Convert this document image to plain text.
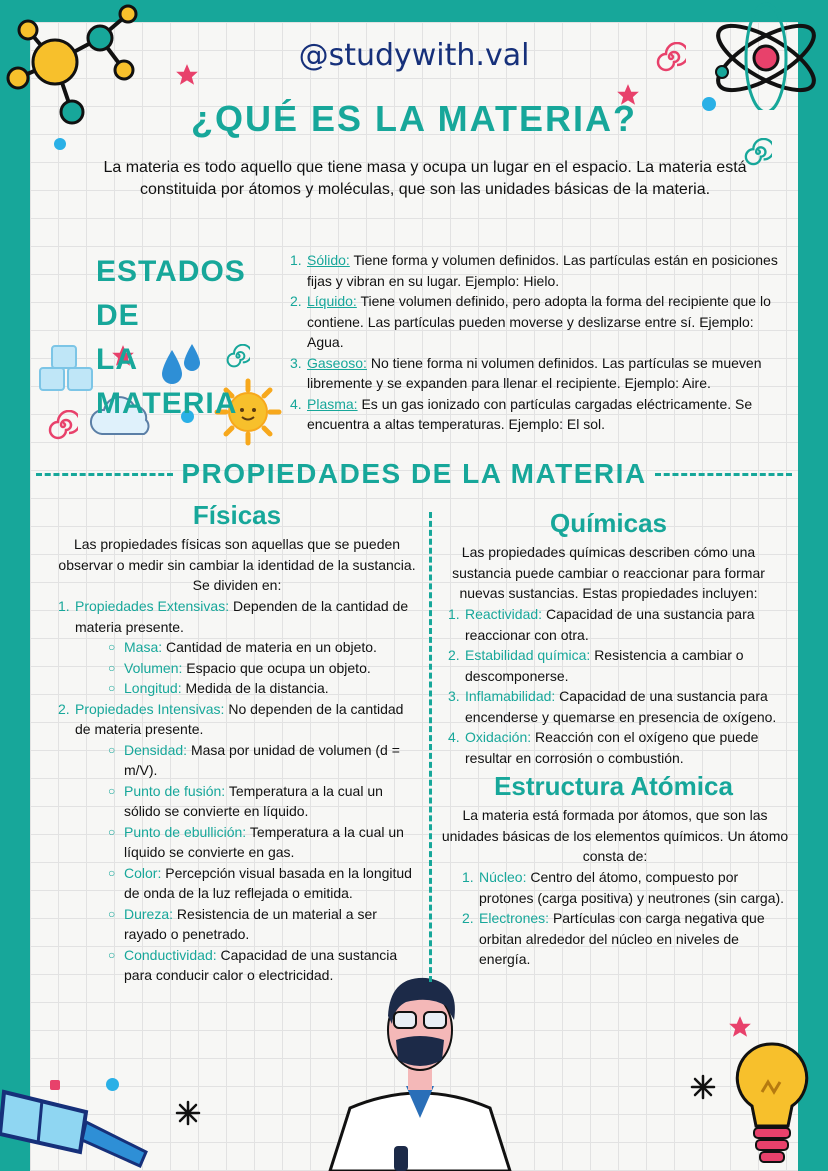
@studywith.val
¿QUÉ ES LA MATERIA?
La materia es todo aquello que tiene masa y ocupa un lugar en el espacio. La materia está constituida por átomos y moléculas, que son las unidades básicas de la materia.
ESTADOS DE
LA MATERIA
1. Sólido: Tiene forma y volumen definidos. Las partículas están en posiciones fijas y vibran en su lugar. Ejemplo: Hielo.
2. Líquido: Tiene volumen definido, pero adopta la forma del recipiente que lo contiene. Las partículas pueden moverse y deslizarse entre sí. Ejemplo: Agua.
3. Gaseoso: No tiene forma ni volumen definidos. Las partículas se mueven libremente y se expanden para llenar el recipiente. Ejemplo: Aire.
4. Plasma: Es un gas ionizado con partículas cargadas eléctricamente. Se encuentra a altas temperaturas. Ejemplo: El sol.
PROPIEDADES DE LA MATERIA
Físicas
Las propiedades físicas son aquellas que se pueden observar o medir sin cambiar la identidad de la sustancia. Se dividen en:
1. Propiedades Extensivas: Dependen de la cantidad de materia presente.
○ Masa: Cantidad de materia en un objeto.
○ Volumen: Espacio que ocupa un objeto.
○ Longitud: Medida de la distancia.
2. Propiedades Intensivas: No dependen de la cantidad de materia presente.
○ Densidad: Masa por unidad de volumen (d = m/V).
○ Punto de fusión: Temperatura a la cual un sólido se convierte en líquido.
○ Punto de ebullición: Temperatura a la cual un líquido se convierte en gas.
○ Color: Percepción visual basada en la longitud de onda de la luz reflejada o emitida.
○ Dureza: Resistencia de un material a ser rayado o penetrado.
○ Conductividad: Capacidad de una sustancia para conducir calor o electricidad.
Químicas
Las propiedades químicas describen cómo una sustancia puede cambiar o reaccionar para formar nuevas sustancias. Estas propiedades incluyen:
1. Reactividad: Capacidad de una sustancia para reaccionar con otra.
2. Estabilidad química: Resistencia a cambiar o descomponerse.
3. Inflamabilidad: Capacidad de una sustancia para encenderse y quemarse en presencia de oxígeno.
4. Oxidación: Reacción con el oxígeno que puede resultar en corrosión o combustión.
Estructura Atómica
La materia está formada por átomos, que son las unidades básicas de los elementos químicos. Un átomo consta de:
1. Núcleo: Centro del átomo, compuesto por protones (carga positiva) y neutrones (sin carga).
2. Electrones: Partículas con carga negativa que orbitan alrededor del núcleo en niveles de energía.
